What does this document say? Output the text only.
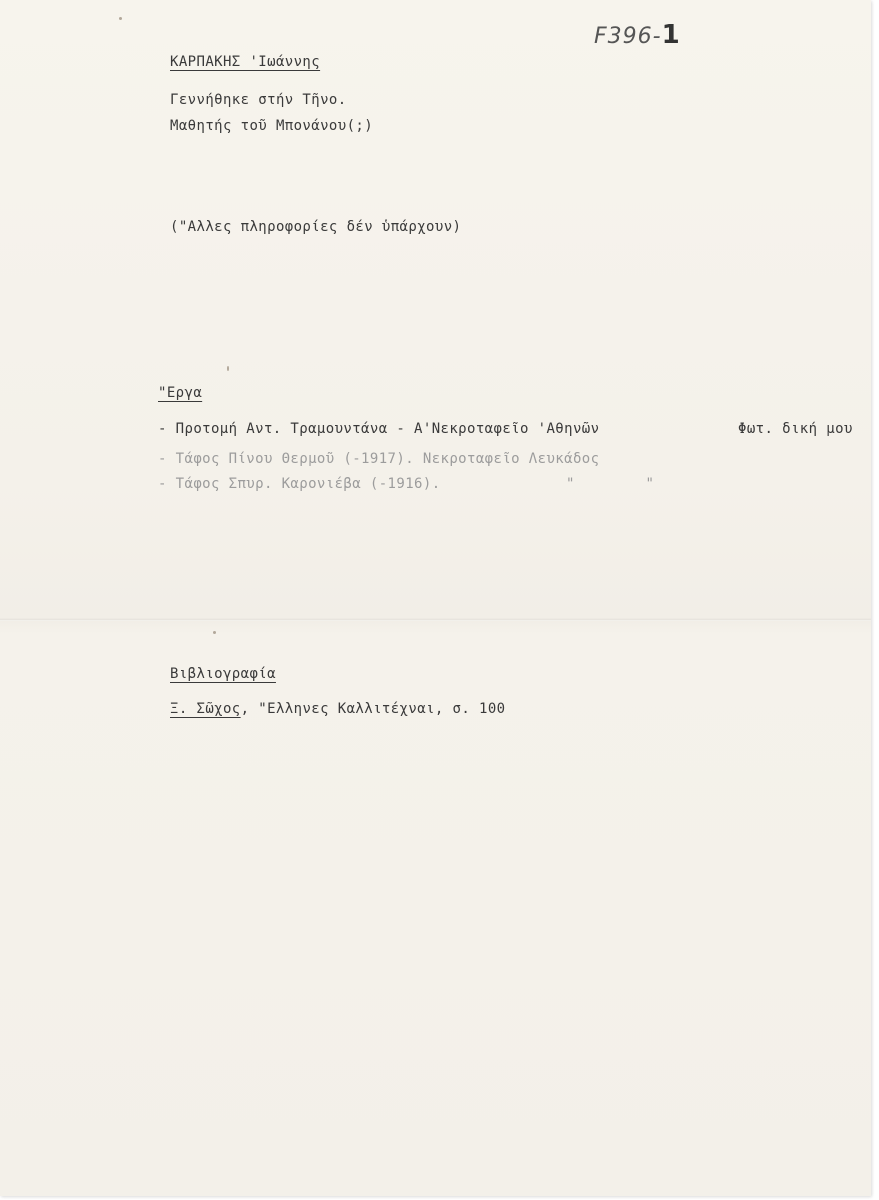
F396-1
ΚΑΡΠΑΚΗΣ 'Ιωάννης
Γεννήθηκε στήν Τῆνο.
Μαθητής τοῦ Μπονάνου(;)
("Αλλες πληροφορίες δέν ὑπάρχουν)
"Εργα
- Προτομή Αντ. Τραμουντάνα - Α'Νεκροταφεῖο 'Αθηνῶν	Φωτ. δική μου
- Τάφος Πίνου Θερμοῦ (-1917). Νεκροταφεῖο Λευκάδος
- Τάφος Σπυρ. Καρονιέβα (-1916).	"        "
Βιβλιογραφία
Ξ. Σῶχος, "Ελληνες Καλλιτέχναι, σ. 100
